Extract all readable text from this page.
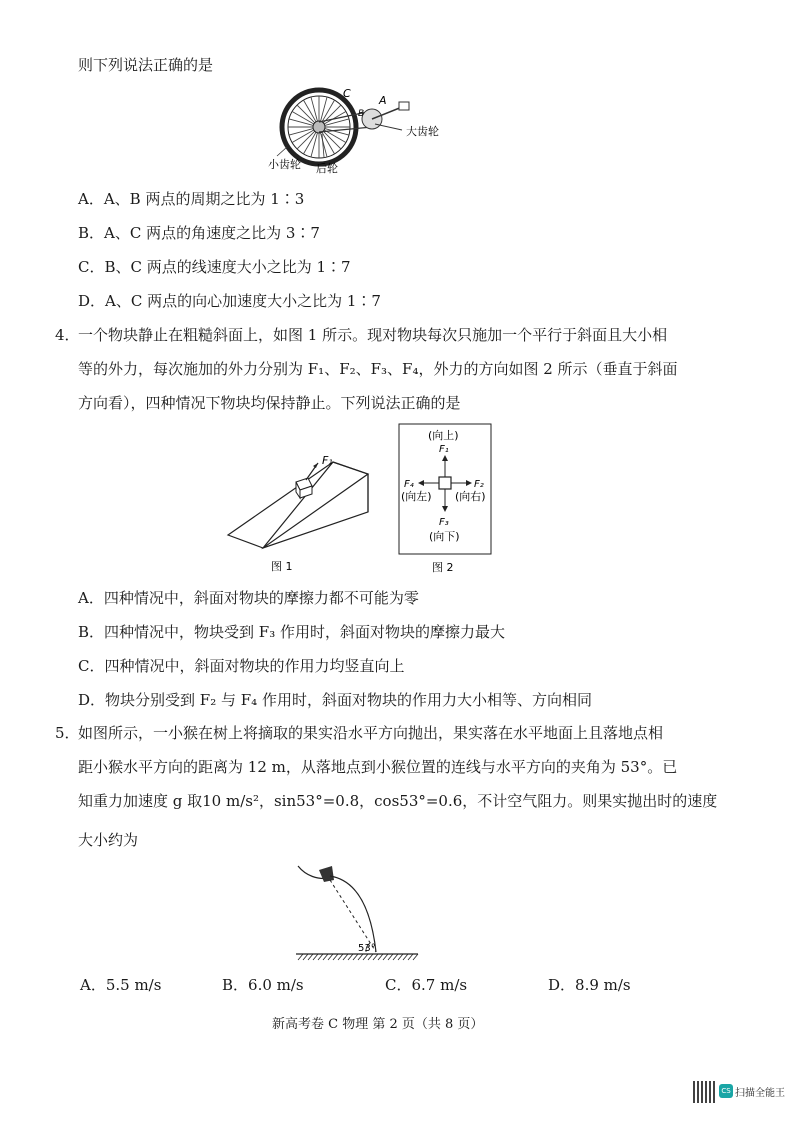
则下列说法正确的是
C
A
B
大齿轮
小齿轮 后轮
A．A、B 两点的周期之比为 1∶3
B．A、C 两点的角速度之比为 3∶7
C．B、C 两点的线速度大小之比为 1∶7
D．A、C 两点的向心加速度大小之比为 1∶7
4．
一个物块静止在粗糙斜面上，如图 1 所示。现对物块每次只施加一个平行于斜面且大小相
等的外力，每次施加的外力分别为 F₁、F₂、F₃、F₄，外力的方向如图 2 所示（垂直于斜面
方向看），四种情况下物块均保持静止。下列说法正确的是
F₁
图 1
(向上)
F₁
F₄
(向左)
F₂
(向右)
F₃
(向下)
图 2
A．四种情况中，斜面对物块的摩擦力都不可能为零
B．四种情况中，物块受到 F₃ 作用时，斜面对物块的摩擦力最大
C．四种情况中，斜面对物块的作用力均竖直向上
D．物块分别受到 F₂ 与 F₄ 作用时，斜面对物块的作用力大小相等、方向相同
5．
如图所示，一小猴在树上将摘取的果实沿水平方向抛出，果实落在水平地面上且落地点相
距小猴水平方向的距离为 12 m，从落地点到小猴位置的连线与水平方向的夹角为 53°。已
知重力加速度 g 取10 m/s²，sin53°=0.8，cos53°=0.6，不计空气阻力。则果实抛出时的速度
大小约为
53°
A．5.5 m/s	B．6.0 m/s	C．6.7 m/s	D．8.9 m/s
新高考卷 C 物理 第 2 页（共 8 页）
CS 扫描全能王
